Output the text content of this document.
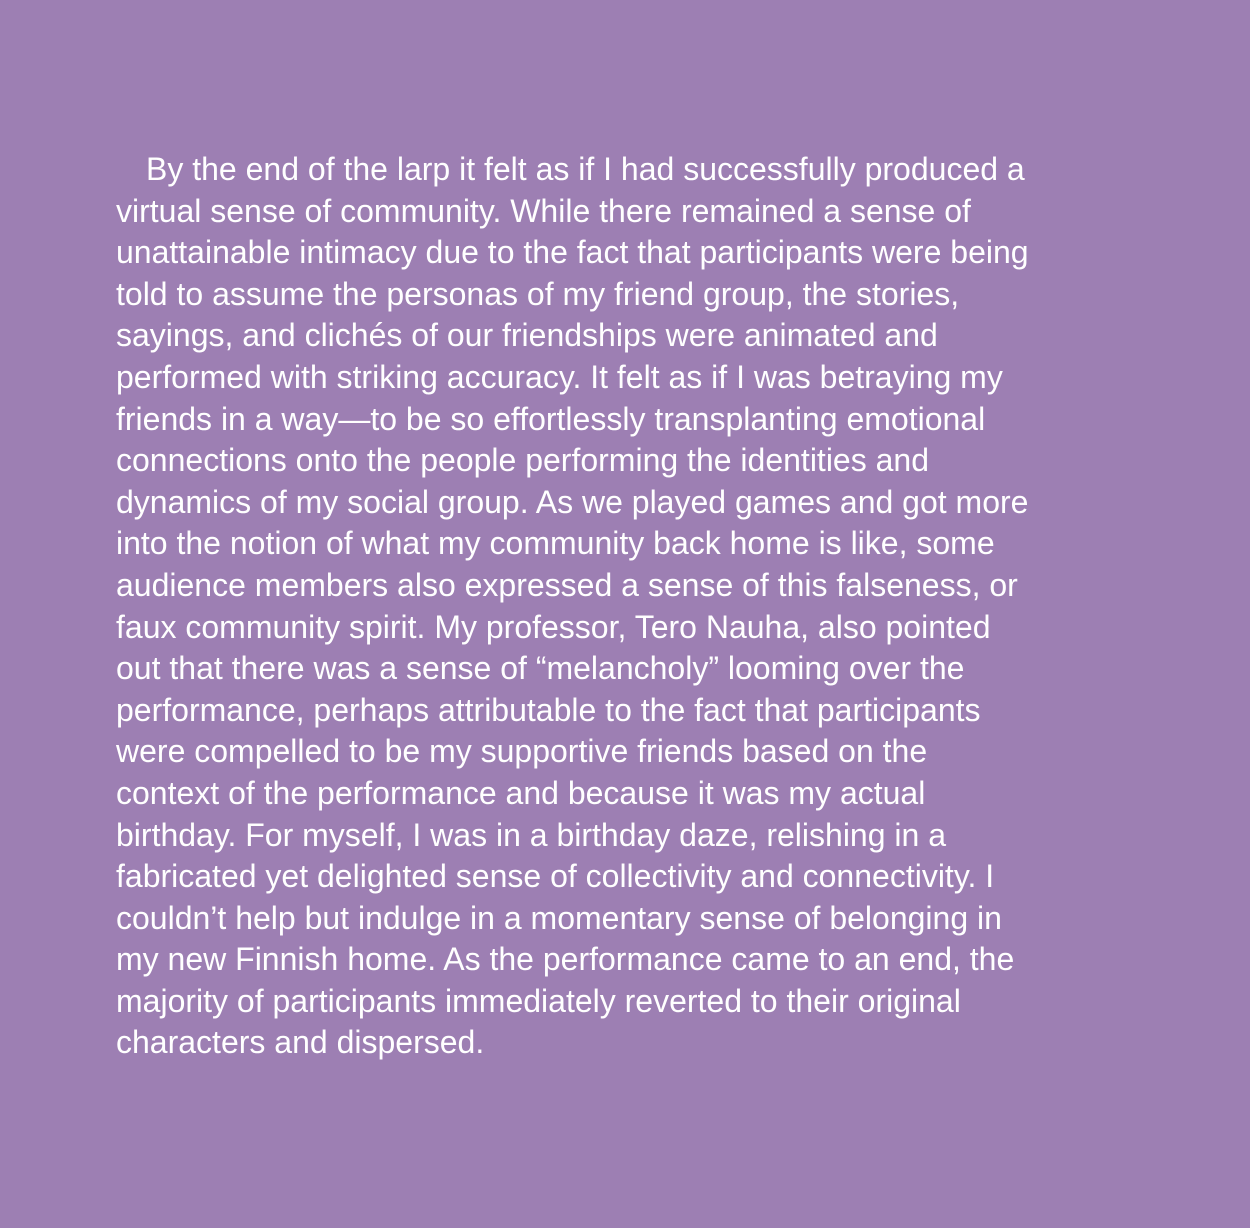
By the end of the larp it felt as if I had successfully produced a
virtual sense of community. While there remained a sense of
unattainable intimacy due to the fact that participants were being
told to assume the personas of my friend group, the stories,
sayings, and clichés of our friendships were animated and
performed with striking accuracy. It felt as if I was betraying my
friends in a way—to be so effortlessly transplanting emotional
connections onto the people performing the identities and
dynamics of my social group. As we played games and got more
into the notion of what my community back home is like, some
audience members also expressed a sense of this falseness, or
faux community spirit. My professor, Tero Nauha, also pointed
out that there was a sense of “melancholy” looming over the
performance, perhaps attributable to the fact that participants
were compelled to be my supportive friends based on the
context of the performance and because it was my actual
birthday. For myself, I was in a birthday daze, relishing in a
fabricated yet delighted sense of collectivity and connectivity. I
couldn’t help but indulge in a momentary sense of belonging in
my new Finnish home. As the performance came to an end, the
majority of participants immediately reverted to their original
characters and dispersed.
